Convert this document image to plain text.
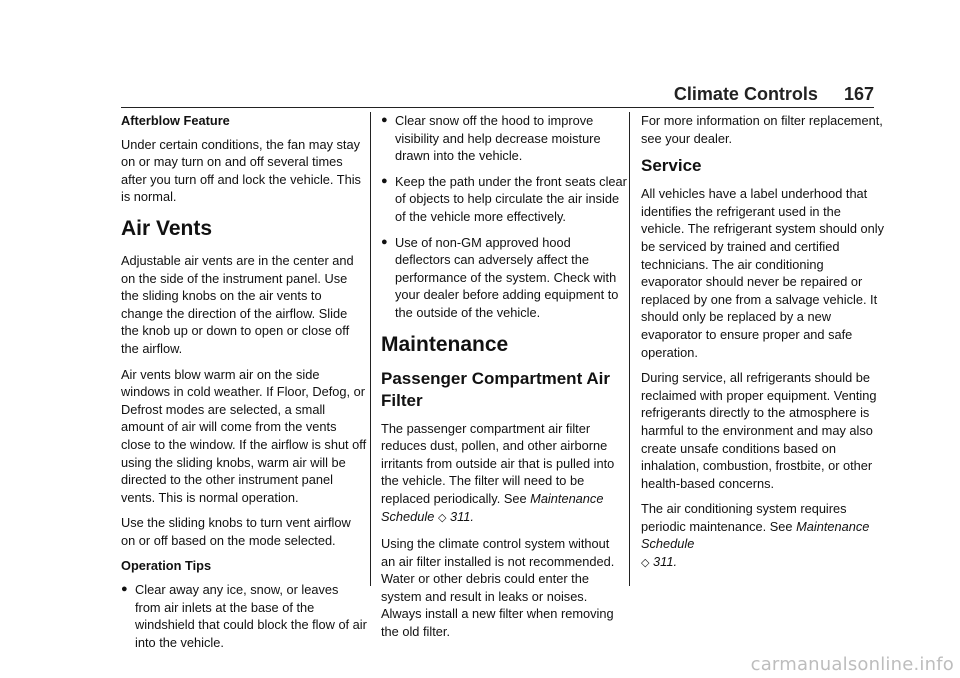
Climate Controls 167

Afterblow Feature

Under certain conditions, the fan may stay on or may turn on and off several times after you turn off and lock the vehicle. This is normal.

Air Vents

Adjustable air vents are in the center and on the side of the instrument panel. Use the sliding knobs on the air vents to change the direction of the airflow. Slide the knob up or down to open or close off the airflow.

Air vents blow warm air on the side windows in cold weather. If Floor, Defog, or Defrost modes are selected, a small amount of air will come from the vents close to the window. If the airflow is shut off using the sliding knobs, warm air will be directed to the other instrument panel vents. This is normal operation.

Use the sliding knobs to turn vent airflow on or off based on the mode selected.

Operation Tips

● Clear away any ice, snow, or leaves from air inlets at the base of the windshield that could block the flow of air into the vehicle.
● Clear snow off the hood to improve visibility and help decrease moisture drawn into the vehicle.
● Keep the path under the front seats clear of objects to help circulate the air inside of the vehicle more effectively.
● Use of non-GM approved hood deflectors can adversely affect the performance of the system. Check with your dealer before adding equipment to the outside of the vehicle.
Maintenance
Passenger Compartment Air Filter

The passenger compartment air filter reduces dust, pollen, and other airborne irritants from outside air that is pulled into the vehicle. The filter will need to be replaced periodically. See Maintenance Schedule ◇ 311.

Using the climate control system without an air filter installed is not recommended. Water or other debris could enter the system and result in leaks or noises. Always install a new filter when removing the old filter.

For more information on filter replacement, see your dealer.

Service

All vehicles have a label underhood that identifies the refrigerant used in the vehicle. The refrigerant system should only be serviced by trained and certified technicians. The air conditioning evaporator should never be repaired or replaced by one from a salvage vehicle. It should only be replaced by a new evaporator to ensure proper and safe operation.

During service, all refrigerants should be reclaimed with proper equipment. Venting refrigerants directly to the atmosphere is harmful to the environment and may also create unsafe conditions based on inhalation, combustion, frostbite, or other health-based concerns.

The air conditioning system requires periodic maintenance. See Maintenance Schedule
◇ 311.

carmanualsonline.info
